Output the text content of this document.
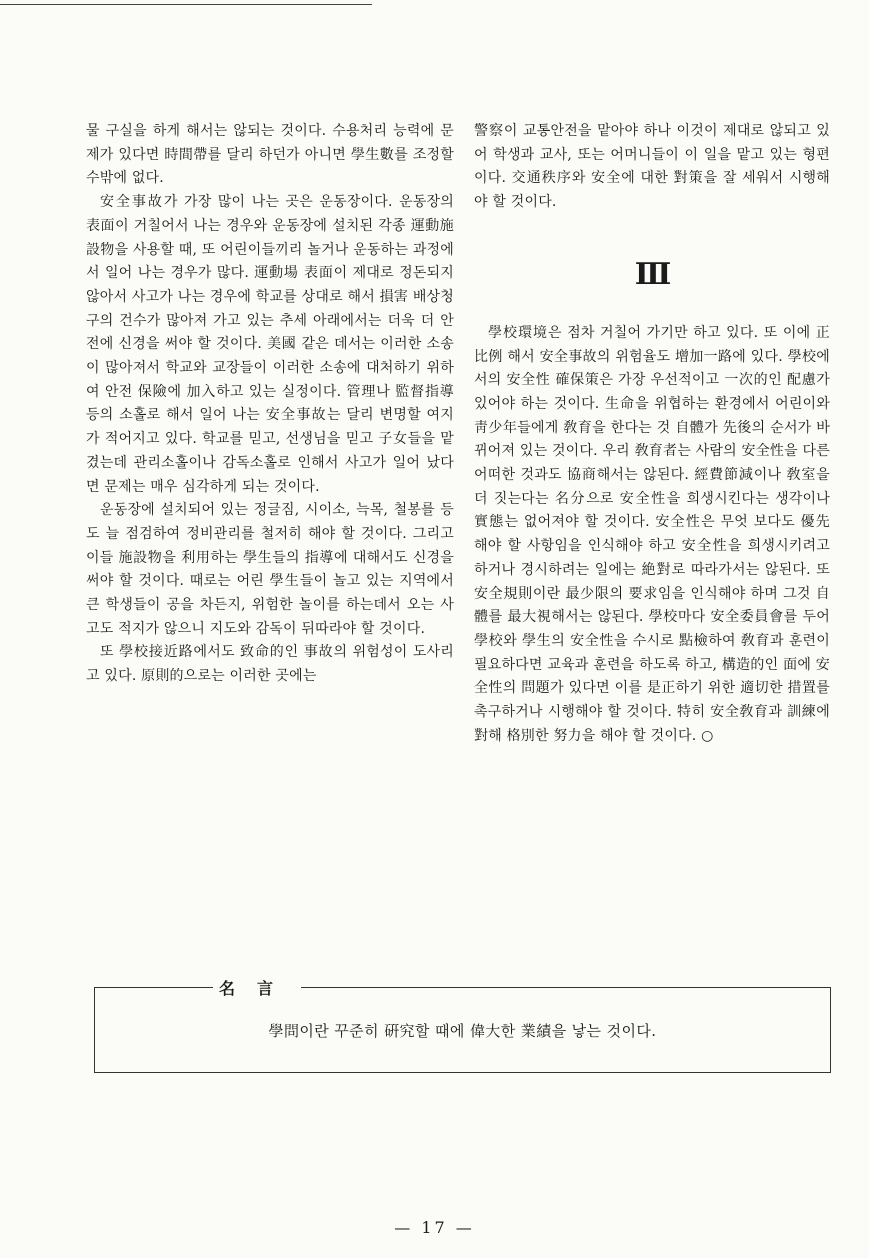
물 구실을 하게 해서는 않되는 것이다. 수용처리 능력에 문제가 있다면 時間帶를 달리 하던가 아니면 學生數를 조정할 수밖에 없다.

安全事故가 가장 많이 나는 곳은 운동장이다. 운동장의 表面이 거칠어서 나는 경우와 운동장에 설치된 각종 運動施設物을 사용할 때, 또 어린이들끼리 놀거나 운동하는 과정에서 일어 나는 경우가 많다. 運動場 表面이 제대로 정돈되지 않아서 사고가 나는 경우에 학교를 상대로 해서 損害 배상청구의 건수가 많아져 가고 있는 추세 아래에서는 더욱 더 안전에 신경을 써야 할 것이다. 美國 같은 데서는 이러한 소송이 많아져서 학교와 교장들이 이러한 소송에 대처하기 위하여 안전 保險에 加入하고 있는 실정이다. 管理나 監督指導 등의 소홀로 해서 일어 나는 安全事故는 달리 변명할 여지가 적어지고 있다. 학교를 믿고, 선생님을 믿고 子女들을 맡겼는데 관리소홀이나 감독소홀로 인해서 사고가 일어 났다면 문제는 매우 심각하게 되는 것이다.

운동장에 설치되어 있는 정글짐, 시이소, 늑목, 철봉를 등도 늘 점검하여 정비관리를 철저히 해야 할 것이다. 그리고 이들 施設物을 利用하는 學生들의 指導에 대해서도 신경을 써야 할 것이다. 때로는 어린 學生들이 놀고 있는 지역에서 큰 학생들이 공을 차든지, 위험한 놀이를 하는데서 오는 사고도 적지가 않으니 지도와 감독이 뒤따라야 할 것이다.

또 學校接近路에서도 致命的인 事故의 위험성이 도사리고 있다. 原則的으로는 이러한 곳에는

警察이 교통안전을 맡아야 하나 이것이 제대로 않되고 있어 학생과 교사, 또는 어머니들이 이 일을 맡고 있는 형편이다. 交通秩序와 安全에 대한 對策을 잘 세워서 시행해야 할 것이다.

Ⅲ

學校環境은 점차 거칠어 가기만 하고 있다. 또 이에 正比例 해서 安全事故의 위험율도 增加一路에 있다. 學校에서의 安全性 確保策은 가장 우선적이고 一次的인 配慮가 있어야 하는 것이다. 生命을 위협하는 환경에서 어린이와 靑少年들에게 敎育을 한다는 것 自體가 先後의 순서가 바뀌어져 있는 것이다. 우리 敎育者는 사람의 安全性을 다른 어떠한 것과도 協商해서는 않된다. 經費節減이나 敎室을 더 짓는다는 名分으로 安全性을 희생시킨다는 생각이나 實態는 없어져야 할 것이다. 安全性은 무엇 보다도 優先해야 할 사항임을 인식해야 하고 安全性을 희생시키려고 하거나 경시하려는 일에는 絶對로 따라가서는 않된다. 또 安全規則이란 最少限의 要求임을 인식해야 하며 그것 自體를 最大視해서는 않된다. 學校마다 安全委員會를 두어 學校와 學生의 安全性을 수시로 點檢하여 敎育과 훈련이 필요하다면 교육과 훈련을 하도록 하고, 構造的인 面에 安全性의 問題가 있다면 이를 是正하기 위한 適切한 措置를 촉구하거나 시행해야 할 것이다. 特히 安全敎育과 訓練에 對해 格別한 努力을 해야 할 것이다. ○

名言
學問이란 꾸준히 硏究할 때에 偉大한 業績을 낳는 것이다.
— 17 —
